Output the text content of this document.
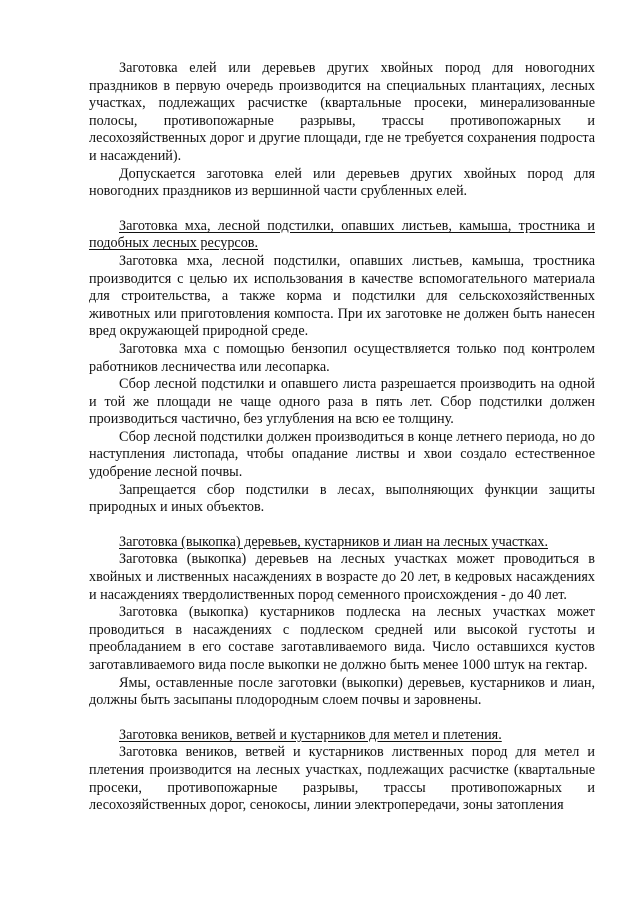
Заготовка елей или деревьев других хвойных пород для новогодних праздников в первую очередь производится на специальных плантациях, лесных участках, подлежащих расчистке (квартальные просеки, минерализованные полосы, противопожарные разрывы, трассы противопожарных и лесохозяйственных дорог и другие площади, где не требуется сохранения подроста и насаждений).

Допускается заготовка елей или деревьев других хвойных пород для новогодних праздников из вершинной части срубленных елей.

Заготовка мха, лесной подстилки, опавших листьев, камыша, тростника и подобных лесных ресурсов.

Заготовка мха, лесной подстилки, опавших листьев, камыша, тростника производится с целью их использования в качестве вспомогательного материала для строительства, а также корма и подстилки для сельскохозяйственных животных или приготовления компоста. При их заготовке не должен быть нанесен вред окружающей природной среде.

Заготовка мха с помощью бензопил осуществляется только под контролем работников лесничества или лесопарка.

Сбор лесной подстилки и опавшего листа разрешается производить на одной и той же площади не чаще одного раза в пять лет. Сбор подстилки должен производиться частично, без углубления на всю ее толщину.

Сбор лесной подстилки должен производиться в конце летнего периода, но до наступления листопада, чтобы опадание листвы и хвои создало естественное удобрение лесной почвы.

Запрещается сбор подстилки в лесах, выполняющих функции защиты природных и иных объектов.

Заготовка (выкопка) деревьев, кустарников и лиан на лесных участках.

Заготовка (выкопка) деревьев на лесных участках может проводиться в хвойных и лиственных насаждениях в возрасте до 20 лет, в кедровых насаждениях и насаждениях твердолиственных пород семенного происхождения - до 40 лет.

Заготовка (выкопка) кустарников подлеска на лесных участках может проводиться в насаждениях с подлеском средней или высокой густоты и преобладанием в его составе заготавливаемого вида. Число оставшихся кустов заготавливаемого вида после выкопки не должно быть менее 1000 штук на гектар.

Ямы, оставленные после заготовки (выкопки) деревьев, кустарников и лиан, должны быть засыпаны плодородным слоем почвы и заровнены.

Заготовка веников, ветвей и кустарников для метел и плетения.

Заготовка веников, ветвей и кустарников лиственных пород для метел и плетения производится на лесных участках, подлежащих расчистке (квартальные просеки, противопожарные разрывы, трассы противопожарных и лесохозяйственных дорог, сенокосы, линии электропередачи, зоны затопления
